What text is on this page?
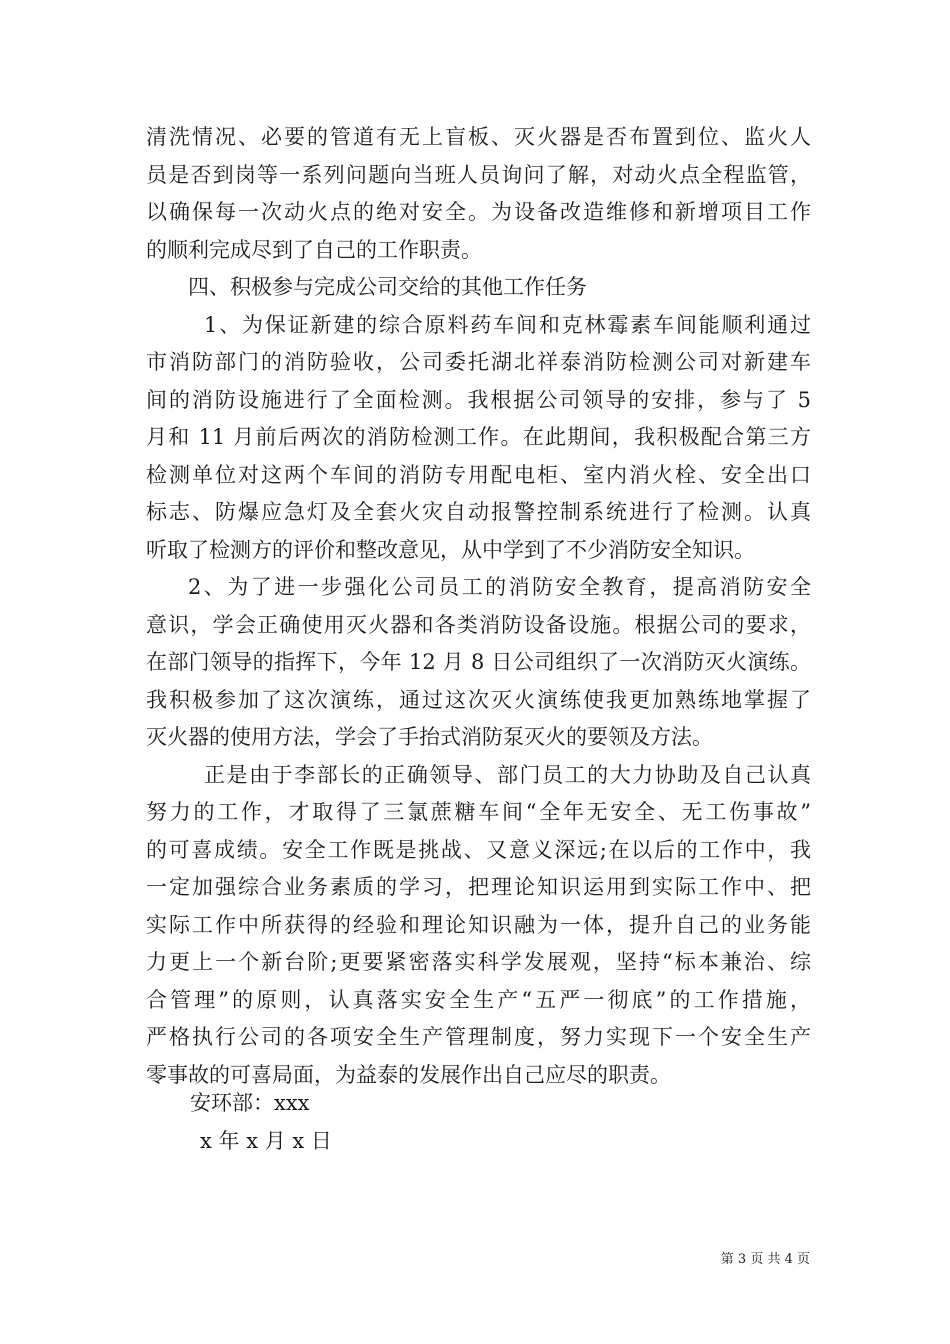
清洗情况、必要的管道有无上盲板、灭火器是否布置到位、监火人
员是否到岗等一系列问题向当班人员询问了解，对动火点全程监管，
以确保每一次动火点的绝对安全。为设备改造维修和新增项目工作
的顺利完成尽到了自己的工作职责。
四、积极参与完成公司交给的其他工作任务
1、为保证新建的综合原料药车间和克林霉素车间能顺利通过
市消防部门的消防验收，公司委托湖北祥泰消防检测公司对新建车
间的消防设施进行了全面检测。我根据公司领导的安排，参与了 5
月和 11 月前后两次的消防检测工作。在此期间，我积极配合第三方
检测单位对这两个车间的消防专用配电柜、室内消火栓、安全出口
标志、防爆应急灯及全套火灾自动报警控制系统进行了检测。认真
听取了检测方的评价和整改意见，从中学到了不少消防安全知识。
2、为了进一步强化公司员工的消防安全教育，提高消防安全
意识，学会正确使用灭火器和各类消防设备设施。根据公司的要求，
在部门领导的指挥下，今年 12 月 8 日公司组织了一次消防灭火演练。
我积极参加了这次演练，通过这次灭火演练使我更加熟练地掌握了
灭火器的使用方法，学会了手抬式消防泵灭火的要领及方法。
正是由于李部长的正确领导、部门员工的大力协助及自己认真
努力的工作，才取得了三氯蔗糖车间“全年无安全、无工伤事故”
的可喜成绩。安全工作既是挑战、又意义深远;在以后的工作中，我
一定加强综合业务素质的学习，把理论知识运用到实际工作中、把
实际工作中所获得的经验和理论知识融为一体，提升自己的业务能
力更上一个新台阶;更要紧密落实科学发展观，坚持“标本兼治、综
合管理”的原则，认真落实安全生产“五严一彻底”的工作措施，
严格执行公司的各项安全生产管理制度，努力实现下一个安全生产
零事故的可喜局面，为益泰的发展作出自己应尽的职责。
安环部：xxx
x 年 x 月 x 日
第 3 页 共 4 页
